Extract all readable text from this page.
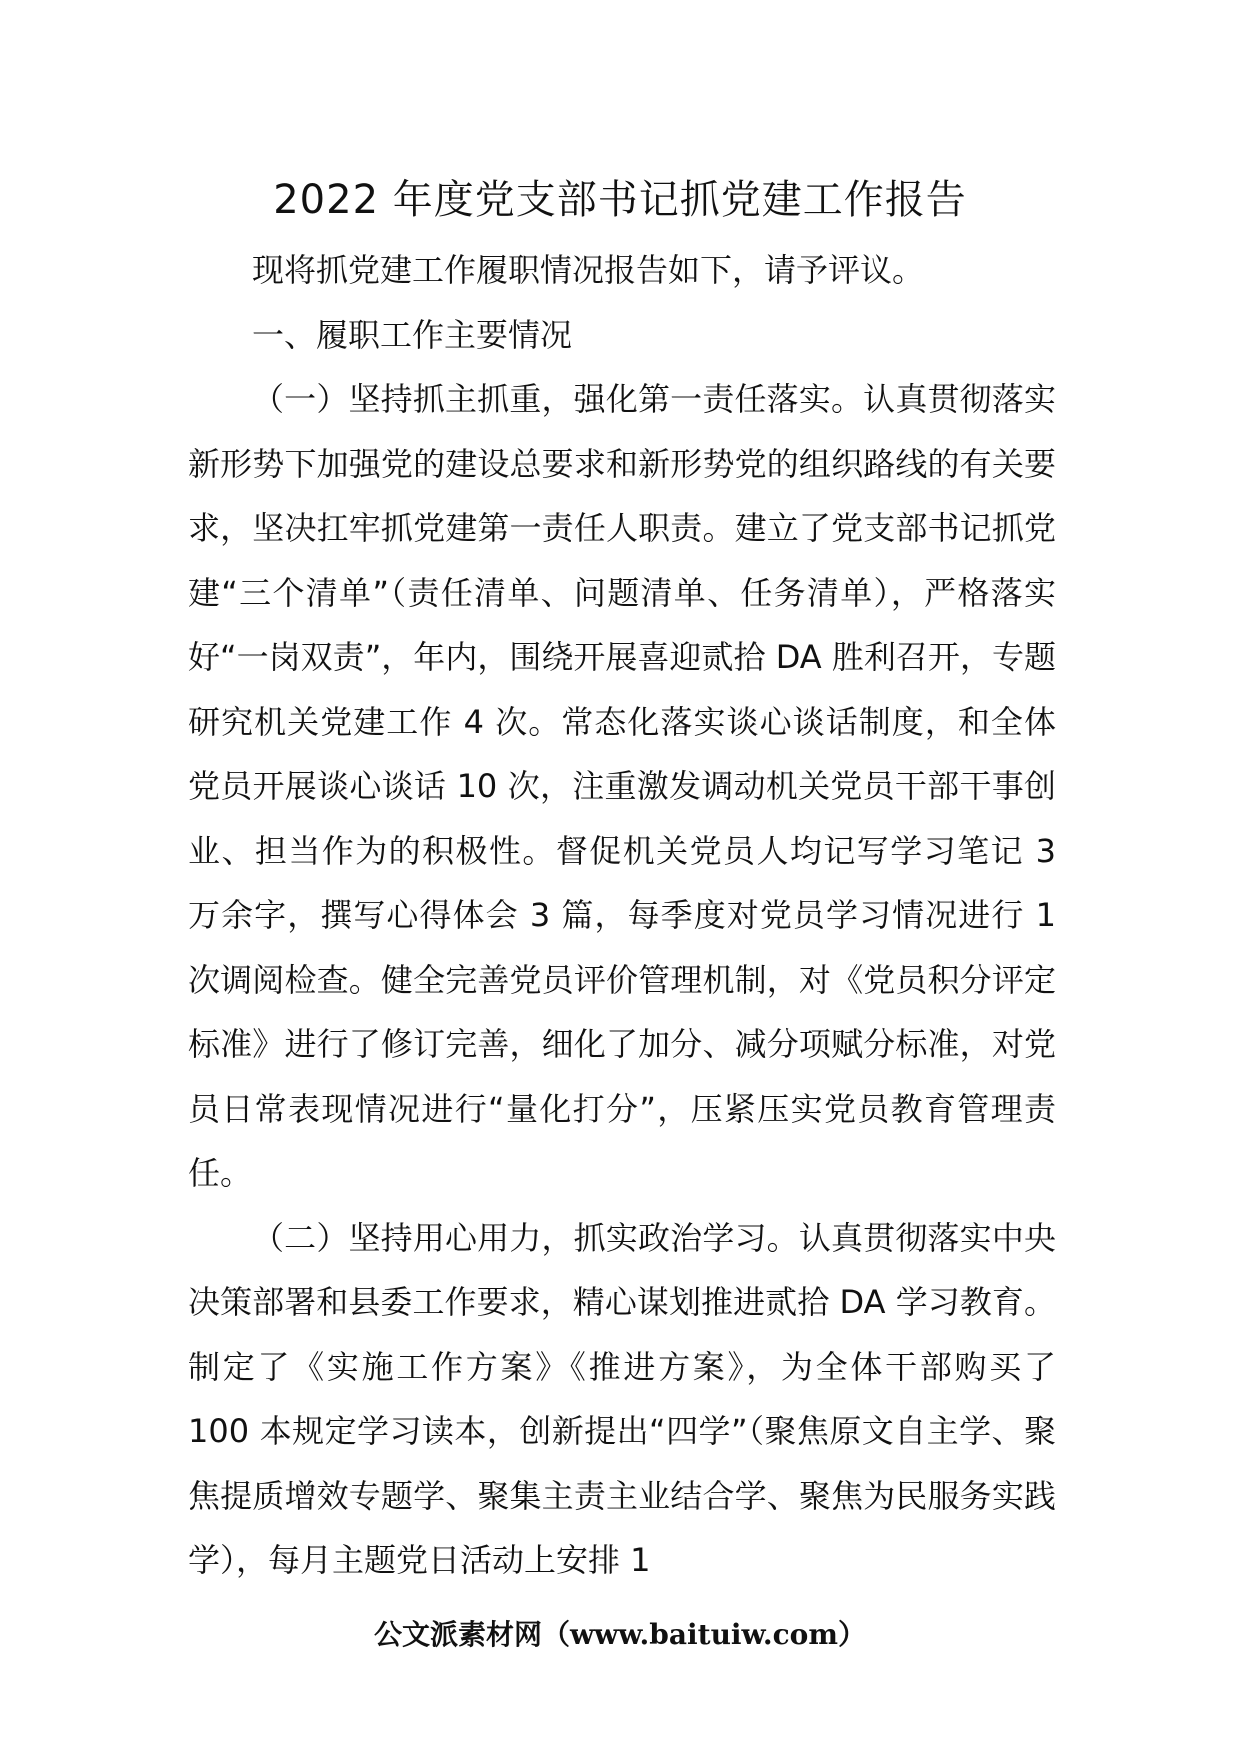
2022 年度党支部书记抓党建工作报告

现将抓党建工作履职情况报告如下，请予评议。

一、履职工作主要情况

（一）坚持抓主抓重，强化第一责任落实。认真贯彻落实新形势下加强党的建设总要求和新形势党的组织路线的有关要求，坚决扛牢抓党建第一责任人职责。建立了党支部书记抓党建“三个清单”（责任清单、问题清单、任务清单），严格落实好“一岗双责”，年内，围绕开展喜迎贰拾 DA 胜利召开，专题研究机关党建工作 4 次。常态化落实谈心谈话制度，和全体党员开展谈心谈话 10 次，注重激发调动机关党员干部干事创业、担当作为的积极性。督促机关党员人均记写学习笔记 3 万余字，撰写心得体会 3 篇，每季度对党员学习情况进行 1 次调阅检查。健全完善党员评价管理机制，对《党员积分评定标准》进行了修订完善，细化了加分、减分项赋分标准，对党员日常表现情况进行“量化打分”，压紧压实党员教育管理责任。

（二）坚持用心用力，抓实政治学习。认真贯彻落实中央决策部署和县委工作要求，精心谋划推进贰拾 DA 学习教育。制定了《实施工作方案》《推进方案》，为全体干部购买了 100 本规定学习读本，创新提出“四学”（聚焦原文自主学、聚焦提质增效专题学、聚集主责主业结合学、聚焦为民服务实践学），每月主题党日活动上安排 1

公文派素材网（www.baituiw.com）
